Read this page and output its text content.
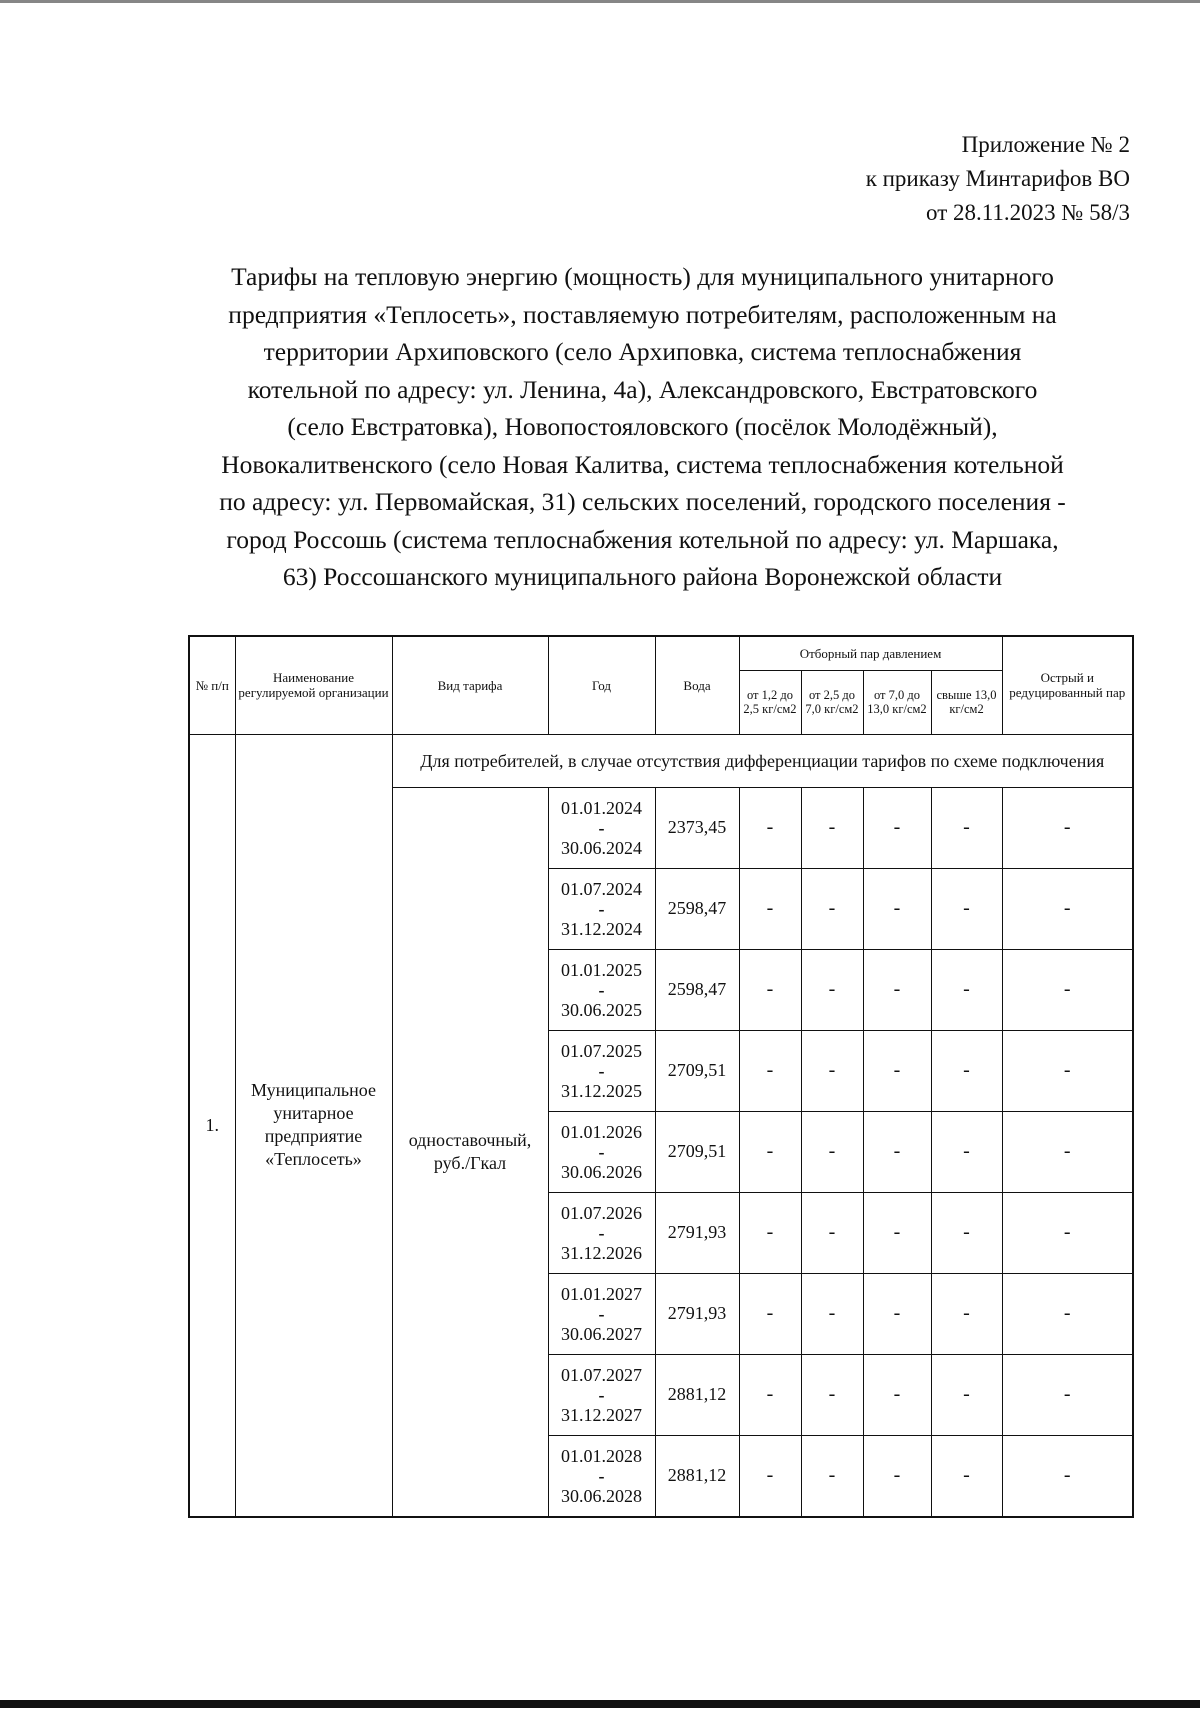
Приложение № 2
к приказу Минтарифов ВО
от 28.11.2023 № 58/3
Тарифы на тепловую энергию (мощность) для муниципального унитарного
предприятия «Теплосеть», поставляемую потребителям, расположенным на
территории Архиповского (село Архиповка, система теплоснабжения
котельной по адресу: ул. Ленина, 4а), Александровского, Евстратовского
(село Евстратовка), Новопостояловского (посёлок Молодёжный),
Новокалитвенского (село Новая Калитва, система теплоснабжения котельной
по адресу: ул. Первомайская, 31) сельских поселений, городского поселения -
город Россошь (система теплоснабжения котельной по адресу: ул. Маршака,
63) Россошанского муниципального района Воронежской области
№ п/п	Наименование регулируемой организации	Вид тарифа	Год	Вода	Отборный пар давлением				Острый и редуцированный пар
					от 1,2 до 2,5 кг/см2	от 2,5 до 7,0 кг/см2	от 7,0 до 13,0 кг/см2	свыше 13,0 кг/см2	
1.	Муниципальное унитарное предприятие «Теплосеть»	Для потребителей, в случае отсутствия дифференциации тарифов по схеме подключения							
		одноставочный, руб./Гкал	01.01.2024
-
30.06.2024	2373,45	-	-	-	-	-

			01.07.2024
-
31.12.2024	2598,47	-	-	-	-	-

			01.01.2025
-
30.06.2025	2598,47	-	-	-	-	-

			01.07.2025
-
31.12.2025	2709,51	-	-	-	-	-

			01.01.2026
-
30.06.2026	2709,51	-	-	-	-	-

			01.07.2026
-
31.12.2026	2791,93	-	-	-	-	-

			01.01.2027
-
30.06.2027	2791,93	-	-	-	-	-

			01.07.2027
-
31.12.2027	2881,12	-	-	-	-	-

			01.01.2028
-
30.06.2028	2881,12	-	-	-	-	-
